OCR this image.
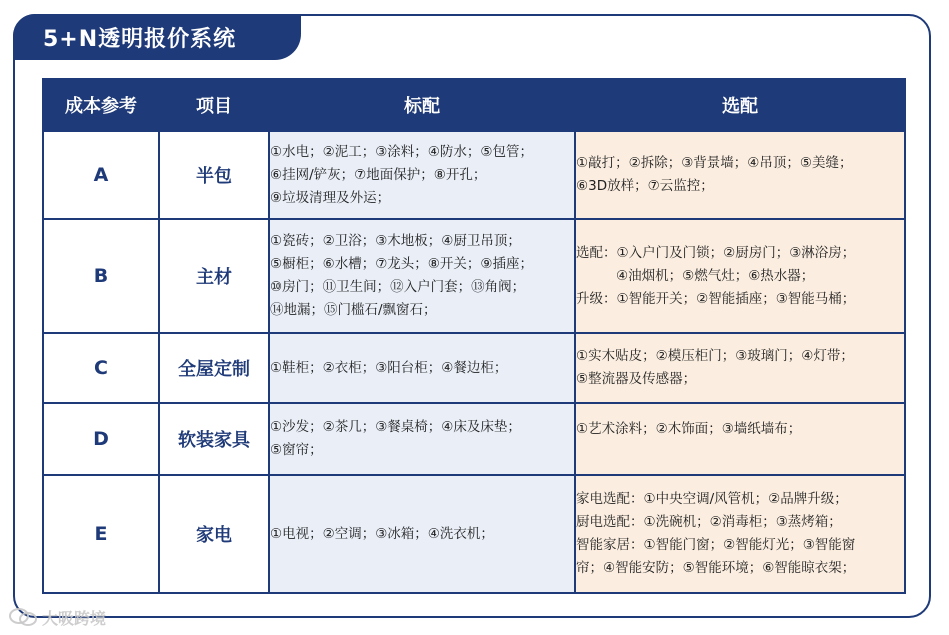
5+N透明报价系统
成本参考	项目	标配	选配
A	半包	①水电；②泥工；③涂料；④防水；⑤包管；
⑥挂网/铲灰；⑦地面保护；⑧开孔；
⑨垃圾清理及外运；	①敲打；②拆除；③背景墙；④吊顶；⑤美缝；
⑥3D放样；⑦云监控；

B	主材	①瓷砖；②卫浴；③木地板；④厨卫吊顶；
⑤橱柜；⑥水槽；⑦龙头；⑧开关；⑨插座；
⑩房门；⑪卫生间；⑫入户门套；⑬角阀；
⑭地漏；⑮门槛石/飘窗石；	选配：①入户门及门锁；②厨房门；③淋浴房；
④油烟机；⑤燃气灶；⑥热水器；
升级：①智能开关；②智能插座；③智能马桶；

C	全屋定制	①鞋柜；②衣柜；③阳台柜；④餐边柜；	①实木贴皮；②模压柜门；③玻璃门；④灯带；
⑤整流器及传感器；

D	软装家具	①沙发；②茶几；③餐桌椅；④床及床垫；
⑤窗帘；	①艺术涂料；②木饰面；③墙纸墙布；

E	家电	①电视；②空调；③冰箱；④洗衣机；	家电选配：①中央空调/风管机；②品牌升级；
厨电选配：①洗碗机；②消毒柜；③蒸烤箱；
智能家居：①智能门窗；②智能灯光；③智能窗
帘；④智能安防；⑤智能环境；⑥智能晾衣架；
大吸跨境
